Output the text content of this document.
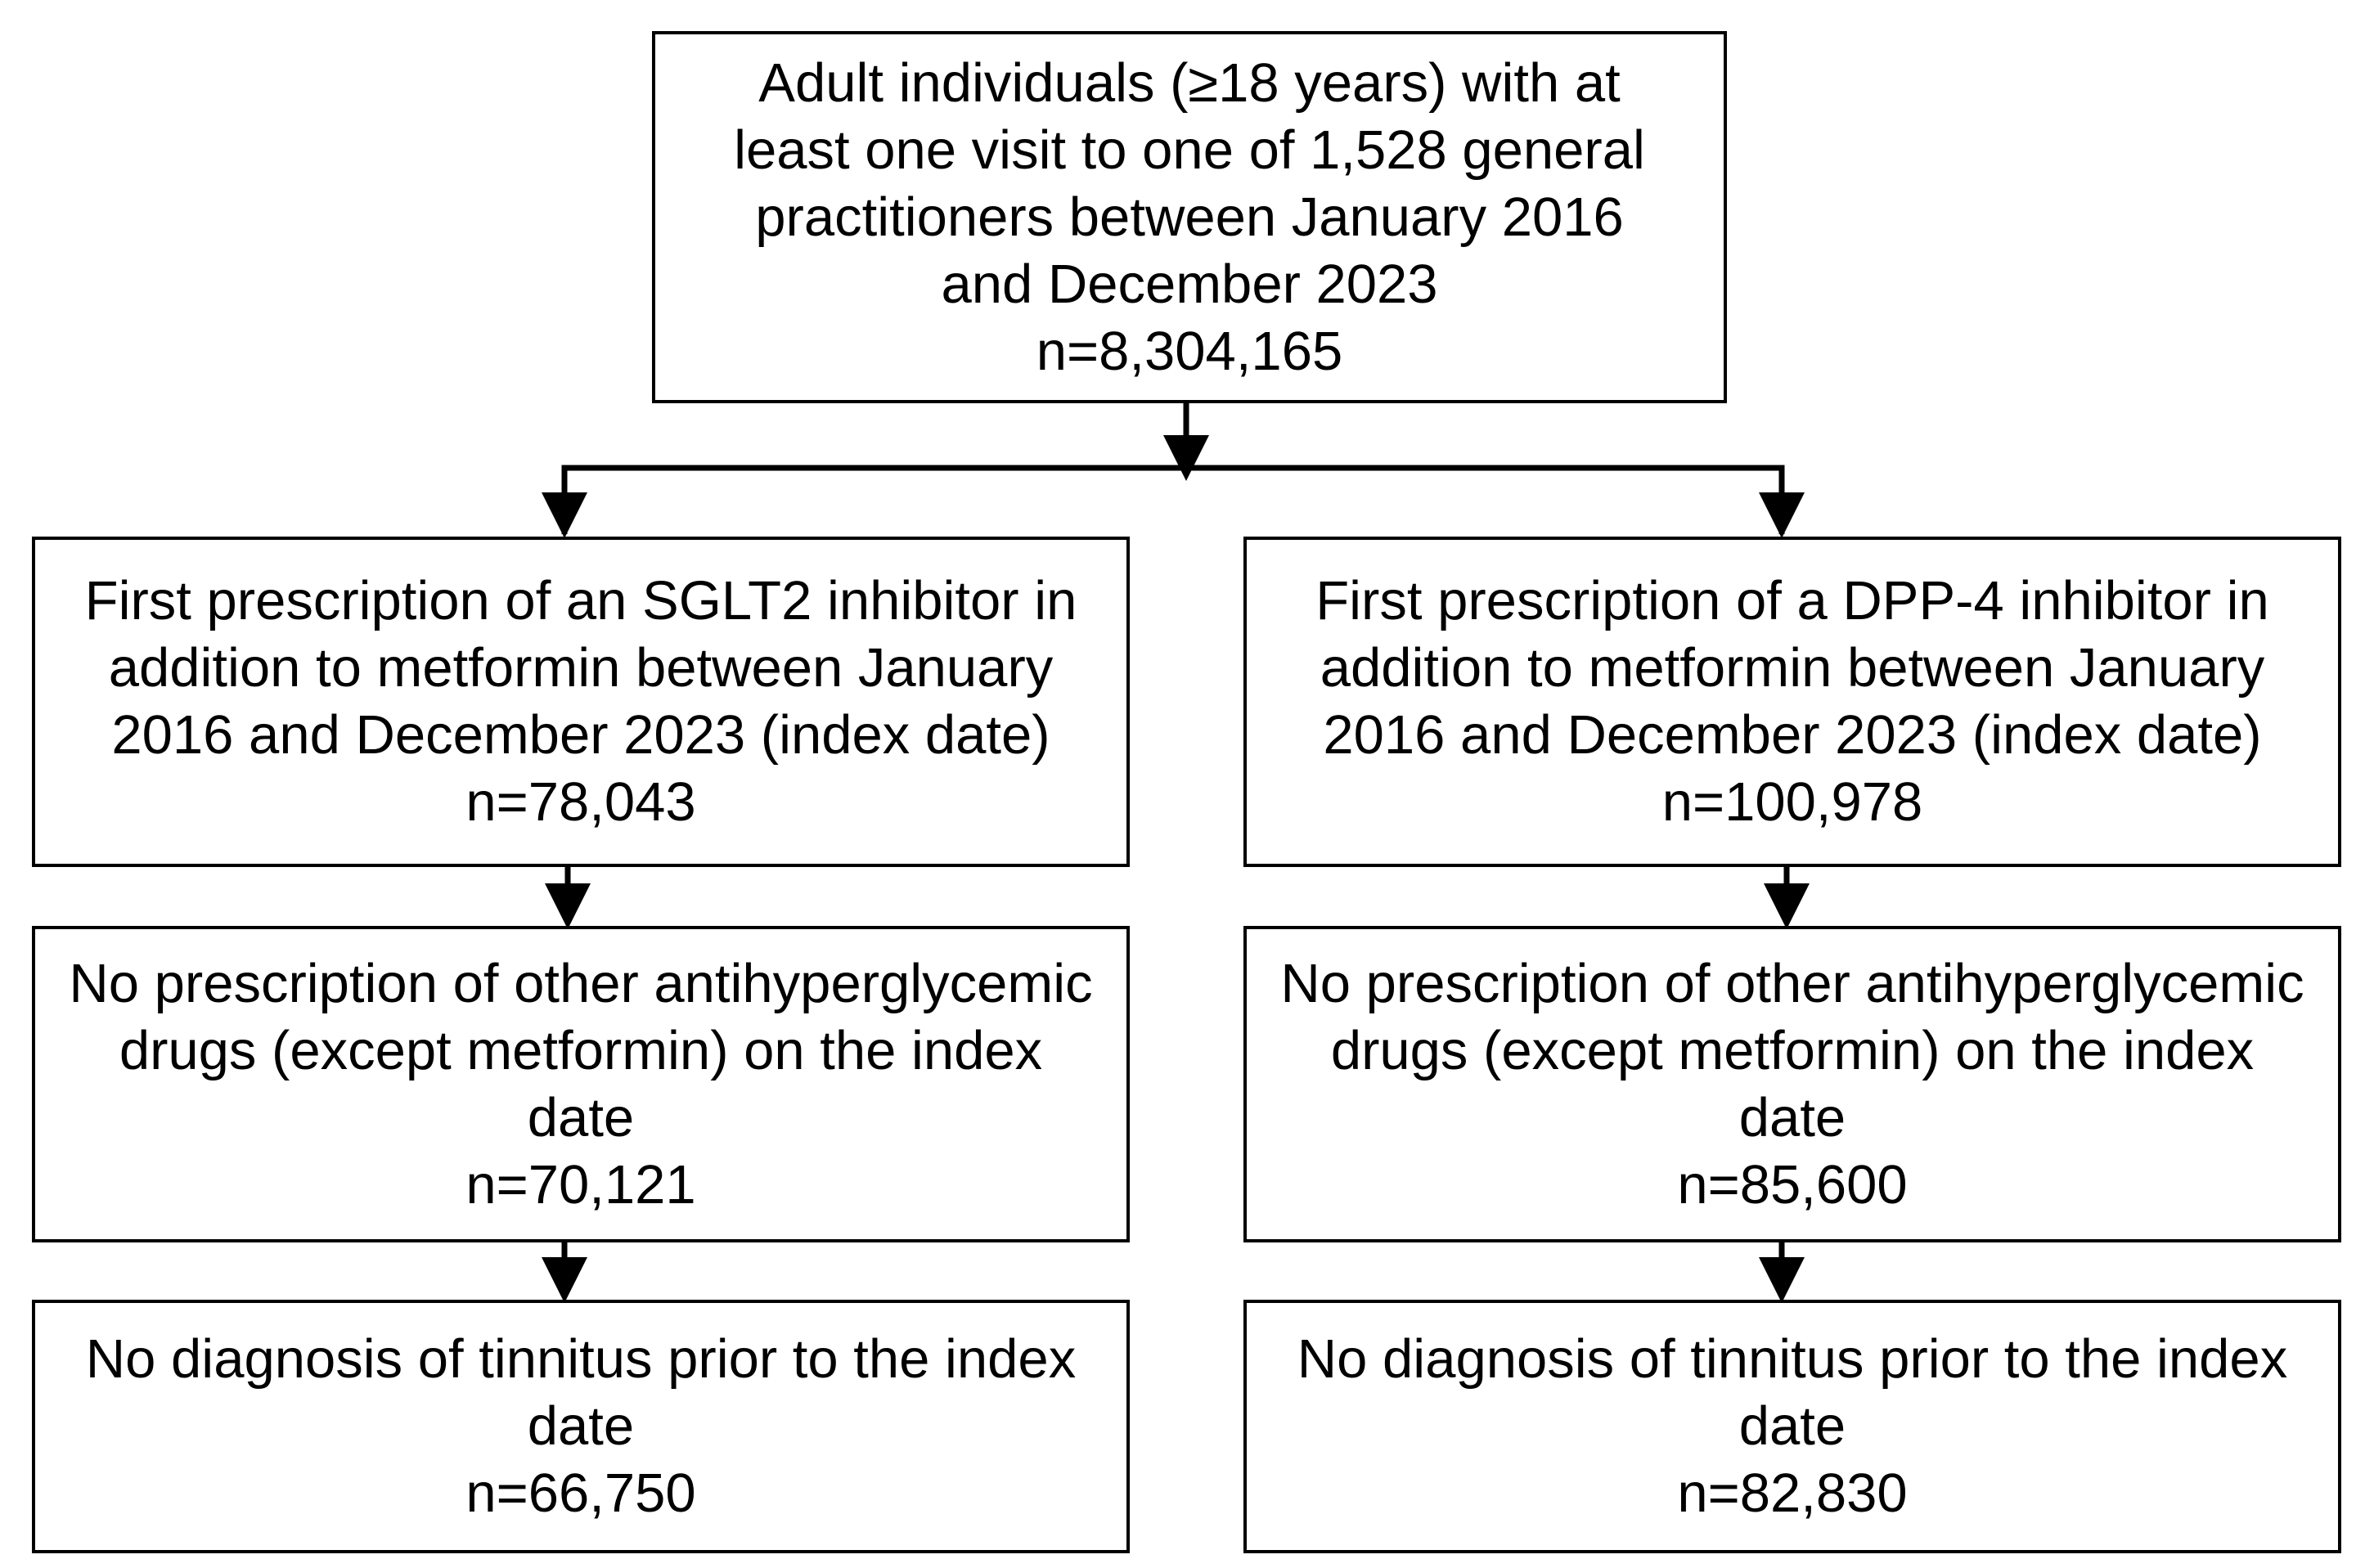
Adult individuals (≥18 years) with at
least one visit to one of 1,528 general
practitioners between January 2016
and December 2023
n=8,304,165
First prescription of an SGLT2 inhibitor in
addition to metformin between January
2016 and December 2023 (index date)
n=78,043
First prescription of a DPP-4 inhibitor in
addition to metformin between January
2016 and December 2023 (index date)
n=100,978
No prescription of other antihyperglycemic
drugs (except metformin) on the index
date
n=70,121
No prescription of other antihyperglycemic
drugs (except metformin) on the index
date
n=85,600
No diagnosis of tinnitus prior to the index
date
n=66,750
No diagnosis of tinnitus prior to the index
date
n=82,830
